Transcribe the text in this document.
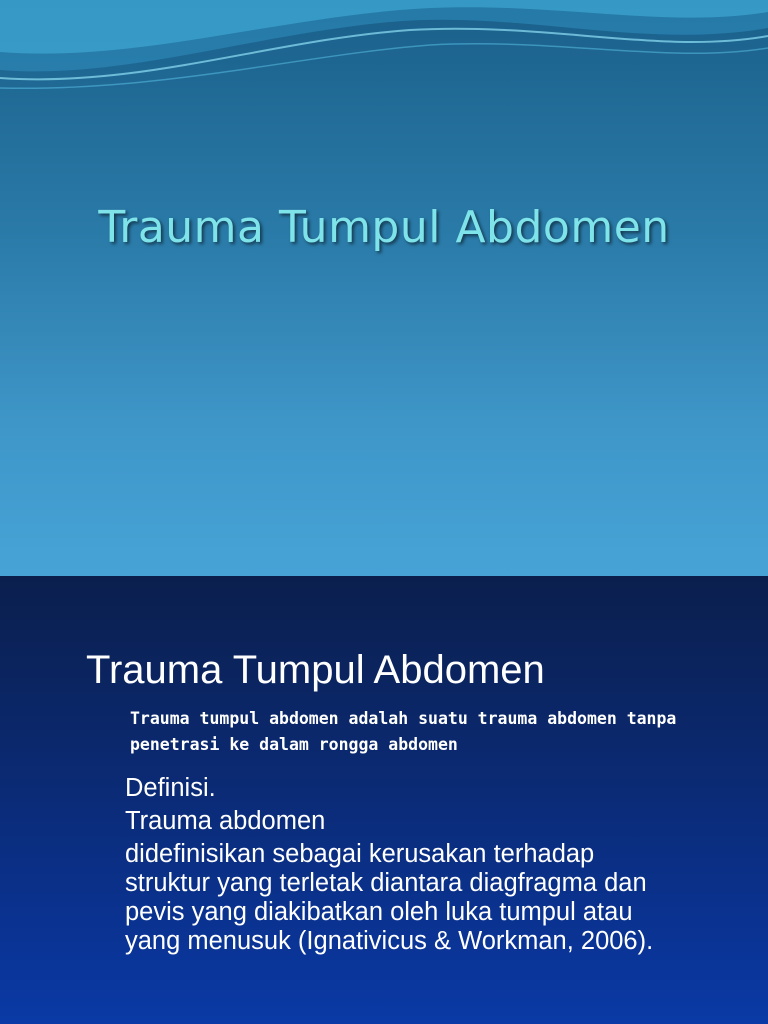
Trauma Tumpul Abdomen
Trauma Tumpul Abdomen

Trauma tumpul abdomen adalah suatu trauma abdomen tanpa penetrasi ke dalam rongga abdomen

Definisi.
Trauma abdomen
didefinisikan sebagai kerusakan terhadap struktur yang terletak diantara diagfragma dan pevis yang diakibatkan oleh luka tumpul atau yang menusuk (Ignativicus & Workman, 2006).
